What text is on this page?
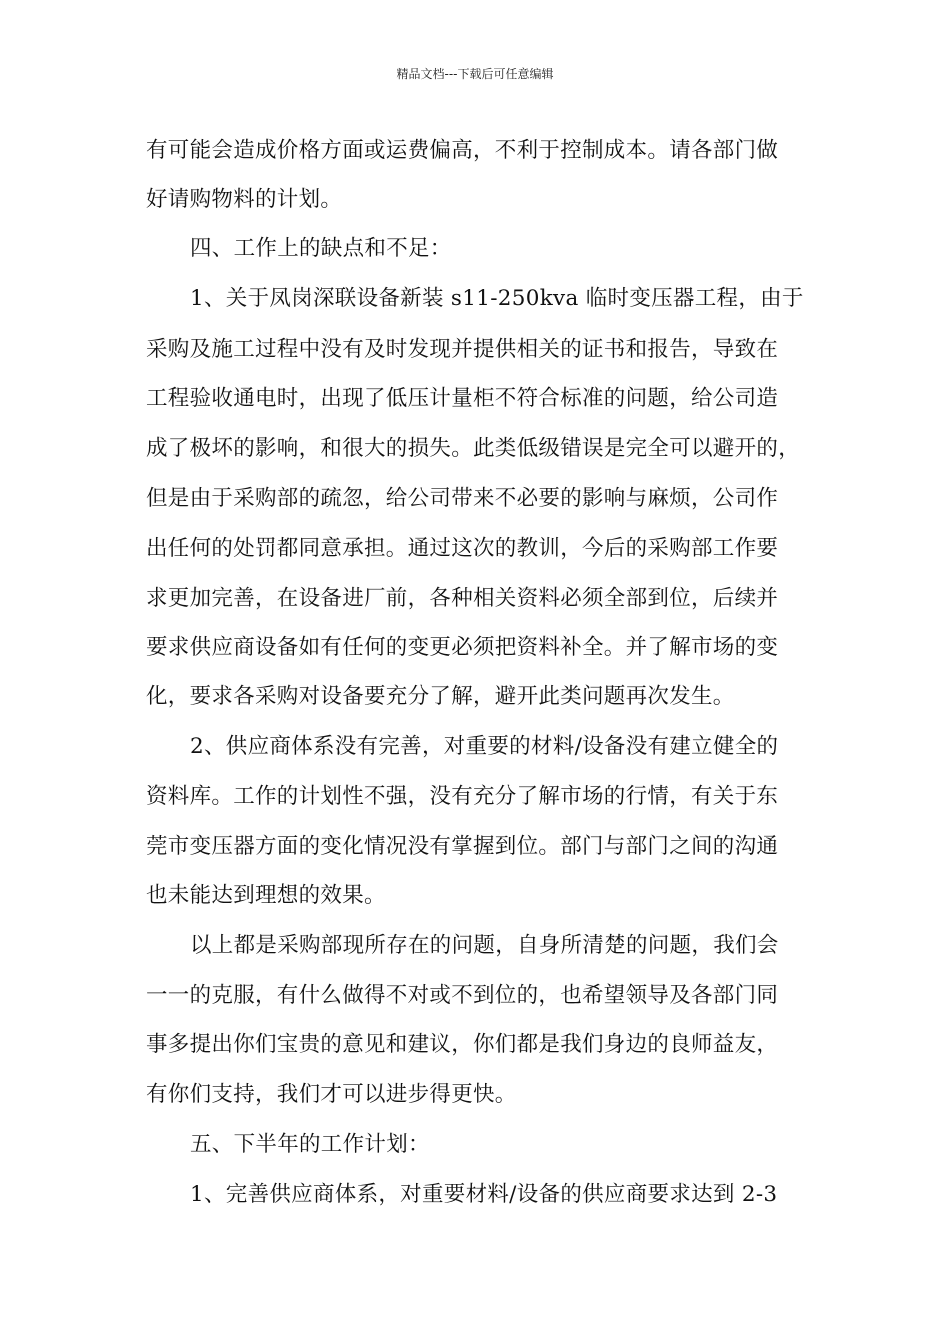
精品文档---下载后可任意编辑
有可能会造成价格方面或运费偏高，不利于控制成本。请各部门做
好请购物料的计划。
四、工作上的缺点和不足：
1、关于凤岗深联设备新装 s11-250kva 临时变压器工程，由于
采购及施工过程中没有及时发现并提供相关的证书和报告，导致在
工程验收通电时，出现了低压计量柜不符合标准的问题，给公司造
成了极坏的影响，和很大的损失。此类低级错误是完全可以避开的，
但是由于采购部的疏忽，给公司带来不必要的影响与麻烦，公司作
出任何的处罚都同意承担。通过这次的教训，今后的采购部工作要
求更加完善，在设备进厂前，各种相关资料必须全部到位，后续并
要求供应商设备如有任何的变更必须把资料补全。并了解市场的变
化，要求各采购对设备要充分了解，避开此类问题再次发生。
2、供应商体系没有完善，对重要的材料/设备没有建立健全的
资料库。工作的计划性不强，没有充分了解市场的行情，有关于东
莞市变压器方面的变化情况没有掌握到位。部门与部门之间的沟通
也未能达到理想的效果。
以上都是采购部现所存在的问题，自身所清楚的问题，我们会
一一的克服，有什么做得不对或不到位的，也希望领导及各部门同
事多提出你们宝贵的意见和建议，你们都是我们身边的良师益友，
有你们支持，我们才可以进步得更快。
五、下半年的工作计划：
1、完善供应商体系，对重要材料/设备的供应商要求达到 2-3
